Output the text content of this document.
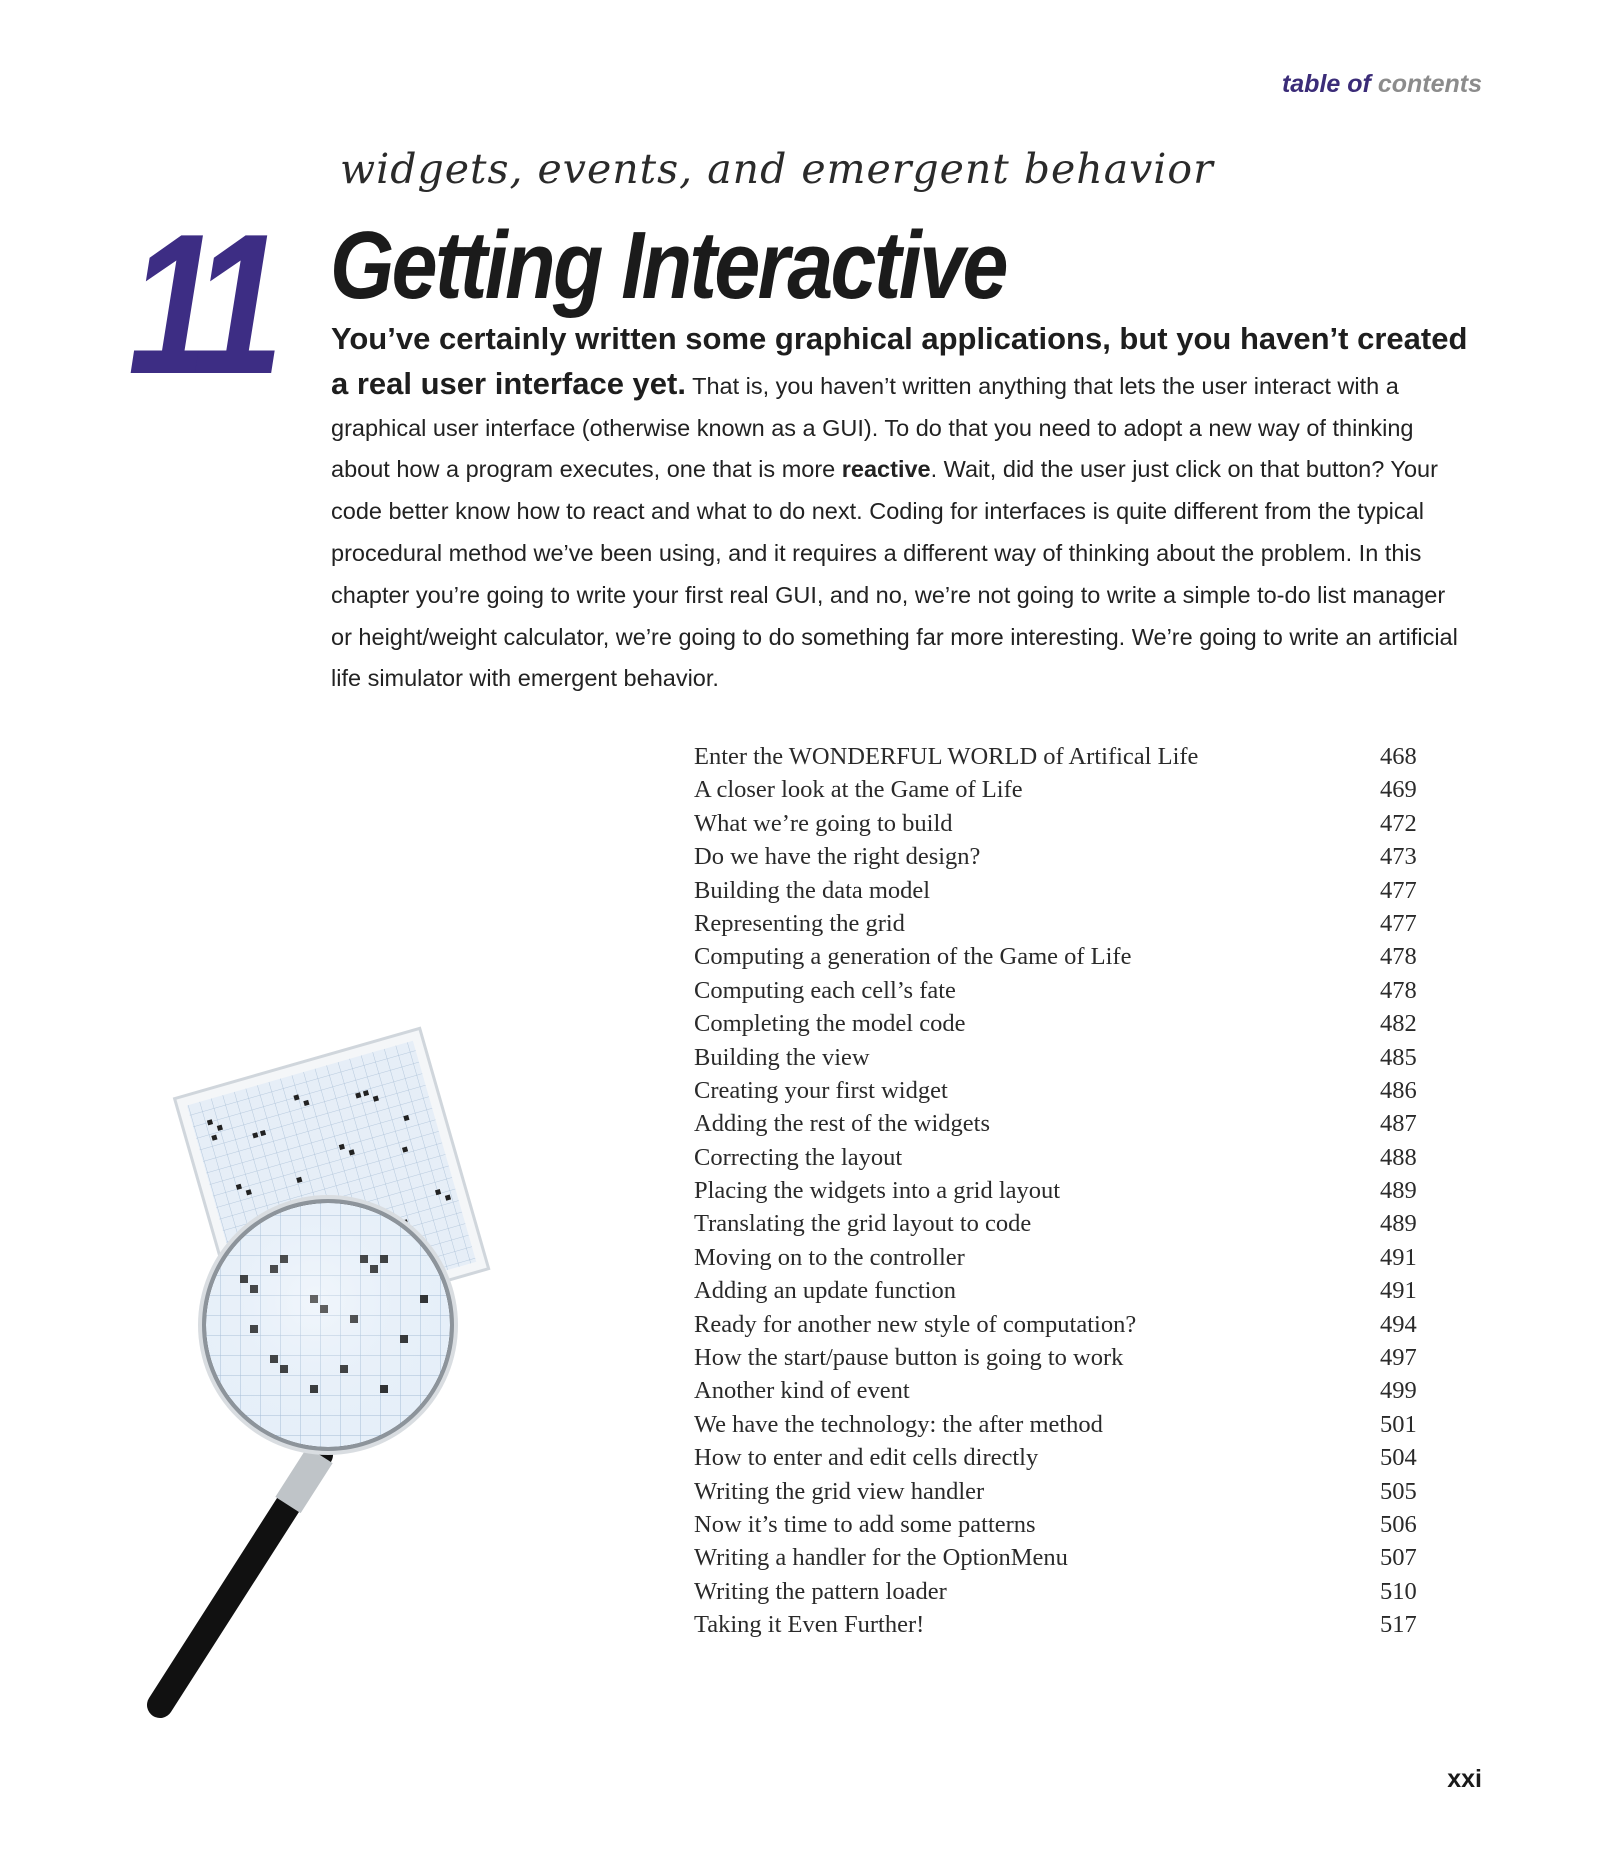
table of contents
widgets, events, and emergent behavior
11 Getting Interactive
You’ve certainly written some graphical applications, but you haven’t created a real user interface yet. That is, you haven’t written anything that lets the user interact with a graphical user interface (otherwise known as a GUI). To do that you need to adopt a new way of thinking about how a program executes, one that is more reactive. Wait, did the user just click on that button? Your code better know how to react and what to do next. Coding for interfaces is quite different from the typical procedural method we’ve been using, and it requires a different way of thinking about the problem. In this chapter you’re going to write your first real GUI, and no, we’re not going to write a simple to-do list manager or height/weight calculator, we’re going to do something far more interesting. We’re going to write an artificial life simulator with emergent behavior.
Enter the WONDERFUL WORLD of Artifical Life	468
A closer look at the Game of Life	469
What we’re going to build	472
Do we have the right design?	473
Building the data model	477
Representing the grid	477
Computing a generation of the Game of Life	478
Computing each cell’s fate	478
Completing the model code	482
Building the view	485
Creating your first widget	486
Adding the rest of the widgets	487
Correcting the layout	488
Placing the widgets into a grid layout	489
Translating the grid layout to code	489
Moving on to the controller	491
Adding an update function	491
Ready for another new style of computation?	494
How the start/pause button is going to work	497
Another kind of event	499
We have the technology: the after method	501
How to enter and edit cells directly	504
Writing the grid view handler	505
Now it’s time to add some patterns	506
Writing a handler for the OptionMenu	507
Writing the pattern loader	510
Taking it Even Further!	517
xxi
